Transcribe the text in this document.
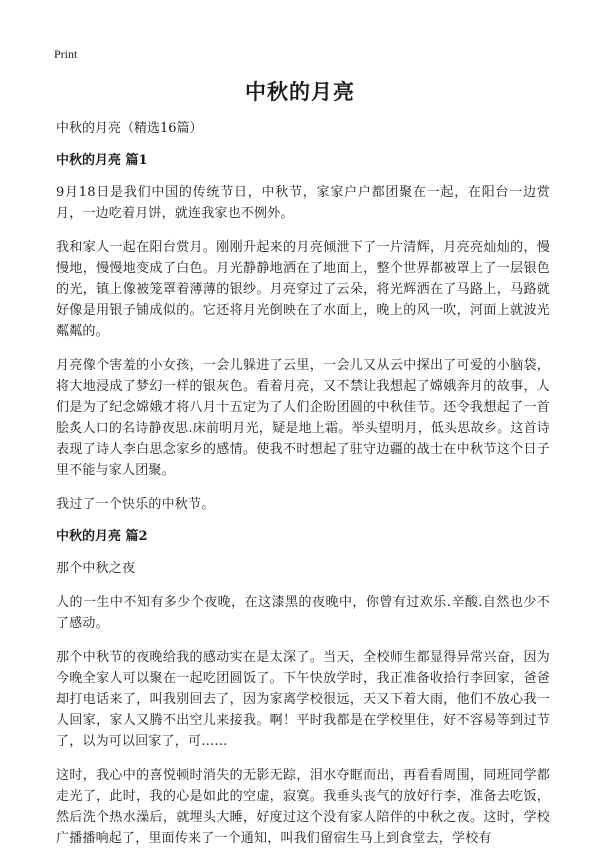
Print
中秋的月亮

中秋的月亮（精选16篇）

中秋的月亮 篇1

9月18日是我们中国的传统节日，中秋节，家家户户都团聚在一起，在阳台一边赏月，一边吃着月饼，就连我家也不例外。

我和家人一起在阳台赏月。刚刚升起来的月亮倾泄下了一片清辉，月亮亮灿灿的，慢慢地，慢慢地变成了白色。月光静静地洒在了地面上，整个世界都被罩上了一层银色的光，镇上像被笼罩着薄薄的银纱。月亮穿过了云朵，将光辉洒在了马路上，马路就好像是用银子铺成似的。它还将月光倒映在了水面上，晚上的风一吹，河面上就波光粼粼的。

月亮像个害羞的小女孩，一会儿躲进了云里，一会儿又从云中探出了可爱的小脑袋，将大地浸成了梦幻一样的银灰色。看着月亮，又不禁让我想起了嫦娥奔月的故事，人们是为了纪念嫦娥才将八月十五定为了人们企盼团圆的中秋佳节。还令我想起了一首脍炙人口的名诗静夜思.床前明月光，疑是地上霜。举头望明月，低头思故乡。这首诗表现了诗人李白思念家乡的感情。使我不时想起了驻守边疆的战士在中秋节这个日子里不能与家人团聚。

我过了一个快乐的中秋节。

中秋的月亮 篇2

那个中秋之夜

人的一生中不知有多少个夜晚，在这漆黑的夜晚中，你曾有过欢乐.辛酸.自然也少不了感动。

那个中秋节的夜晚给我的感动实在是太深了。当天，全校师生都显得异常兴奋，因为今晚全家人可以聚在一起吃团圆饭了。下午快放学时，我正准备收拾行李回家，爸爸却打电话来了，叫我别回去了，因为家离学校很远，天又下着大雨，他们不放心我一人回家，家人又腾不出空儿来接我。啊！平时我都是在学校里住，好不容易等到过节了，以为可以回家了，可……

这时，我心中的喜悦顿时消失的无影无踪，泪水夺眶而出，再看看周围，同班同学都走光了，此时，我的心是如此的空虚，寂寞。我垂头丧气的放好行李，准备去吃饭，然后洗个热水澡后，就埋头大睡，好度过这个没有家人陪伴的中秋之夜。这时，学校广播播响起了，里面传来了一个通知，叫我们留宿生马上到食堂去，学校有
